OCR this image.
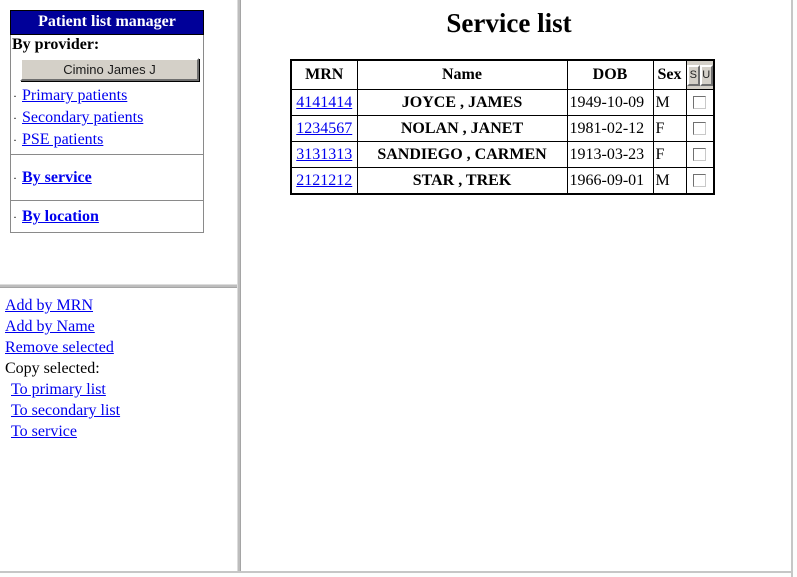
Patient list manager

By provider:
Cimino James J
· Primary patients
· Secondary patients
· PSE patients

· By service
· By location
Add by MRN
Add by Name
Remove selected
Copy selected:
To primary list
To secondary list
To service
Service list
MRN	Name	DOB	Sex	S U
4141414	JOYCE , JAMES	1949-10-09	M	
1234567	NOLAN , JANET	1981-02-12	F	
3131313	SANDIEGO , CARMEN	1913-03-23	F	
2121212	STAR , TREK	1966-09-01	M	
